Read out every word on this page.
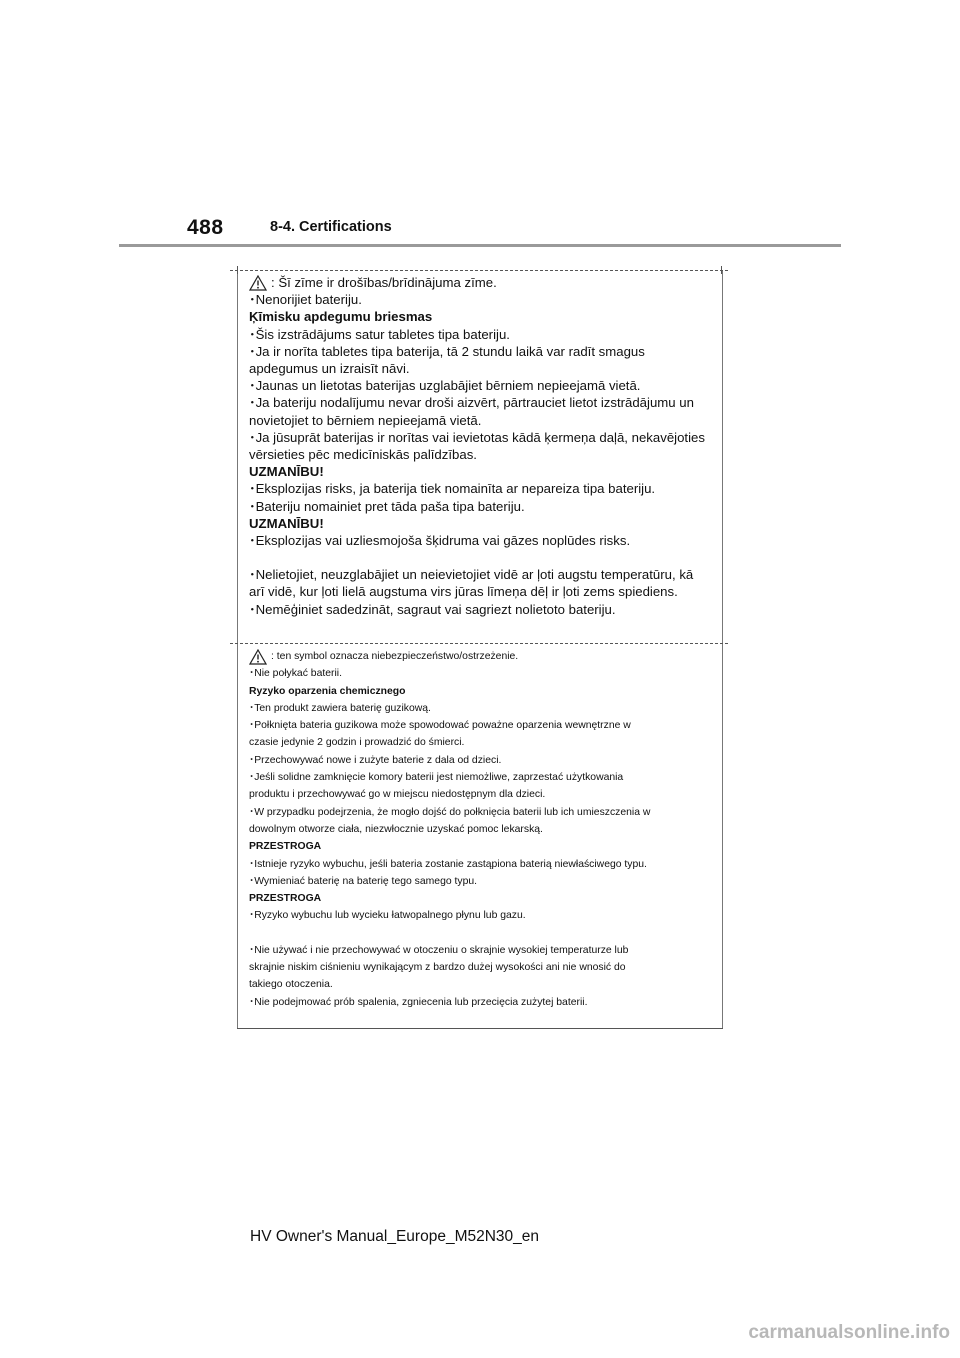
488	8-4. Certifications
: Šī zīme ir drošības/brīdinājuma zīme.

･Nenorijiet bateriju.

Ķīmisku apdegumu briesmas

･Šis izstrādājums satur tabletes tipa bateriju.

･Ja ir norīta tabletes tipa baterija, tā 2 stundu laikā var radīt smagus

apdegumus un izraisīt nāvi.

･Jaunas un lietotas baterijas uzglabājiet bērniem nepieejamā vietā.

･Ja bateriju nodalījumu nevar droši aizvērt, pārtrauciet lietot izstrādājumu un

novietojiet to bērniem nepieejamā vietā.

･Ja jūsuprāt baterijas ir norītas vai ievietotas kādā ķermeņa daļā, nekavējoties

vērsieties pēc medicīniskās palīdzības.

UZMANĪBU!

･Eksplozijas risks, ja baterija tiek nomainīta ar nepareiza tipa bateriju.

･Bateriju nomainiet pret tāda paša tipa bateriju.

UZMANĪBU!

･Eksplozijas vai uzliesmojoša šķidruma vai gāzes noplūdes risks.

･Nelietojiet, neuzglabājiet un neievietojiet vidē ar ļoti augstu temperatūru, kā

arī vidē, kur ļoti lielā augstuma virs jūras līmeņa dēļ ir ļoti zems spiediens.

･Nemēģiniet sadedzināt, sagraut vai sagriezt nolietoto bateriju.

: ten symbol oznacza niebezpieczeństwo/ostrzeżenie.

･Nie połykać baterii.

Ryzyko oparzenia chemicznego

･Ten produkt zawiera baterię guzikową.

･Połknięta bateria guzikowa może spowodować poważne oparzenia wewnętrzne w

czasie jedynie 2 godzin i prowadzić do śmierci.

･Przechowywać nowe i zużyte baterie z dala od dzieci.

･Jeśli solidne zamknięcie komory baterii jest niemożliwe, zaprzestać użytkowania

produktu i przechowywać go w miejscu niedostępnym dla dzieci.

･W przypadku podejrzenia, że mogło dojść do połknięcia baterii lub ich umieszczenia w

dowolnym otworze ciała, niezwłocznie uzyskać pomoc lekarską.

PRZESTROGA

･Istnieje ryzyko wybuchu, jeśli bateria zostanie zastąpiona baterią niewłaściwego typu.

･Wymieniać baterię na baterię tego samego typu.

PRZESTROGA

･Ryzyko wybuchu lub wycieku łatwopalnego płynu lub gazu.

･Nie używać i nie przechowywać w otoczeniu o skrajnie wysokiej temperaturze lub

skrajnie niskim ciśnieniu wynikającym z bardzo dużej wysokości ani nie wnosić do

takiego otoczenia.

･Nie podejmować prób spalenia, zgniecenia lub przecięcia zużytej baterii.

HV Owner's Manual_Europe_M52N30_en
carmanualsonline.info
